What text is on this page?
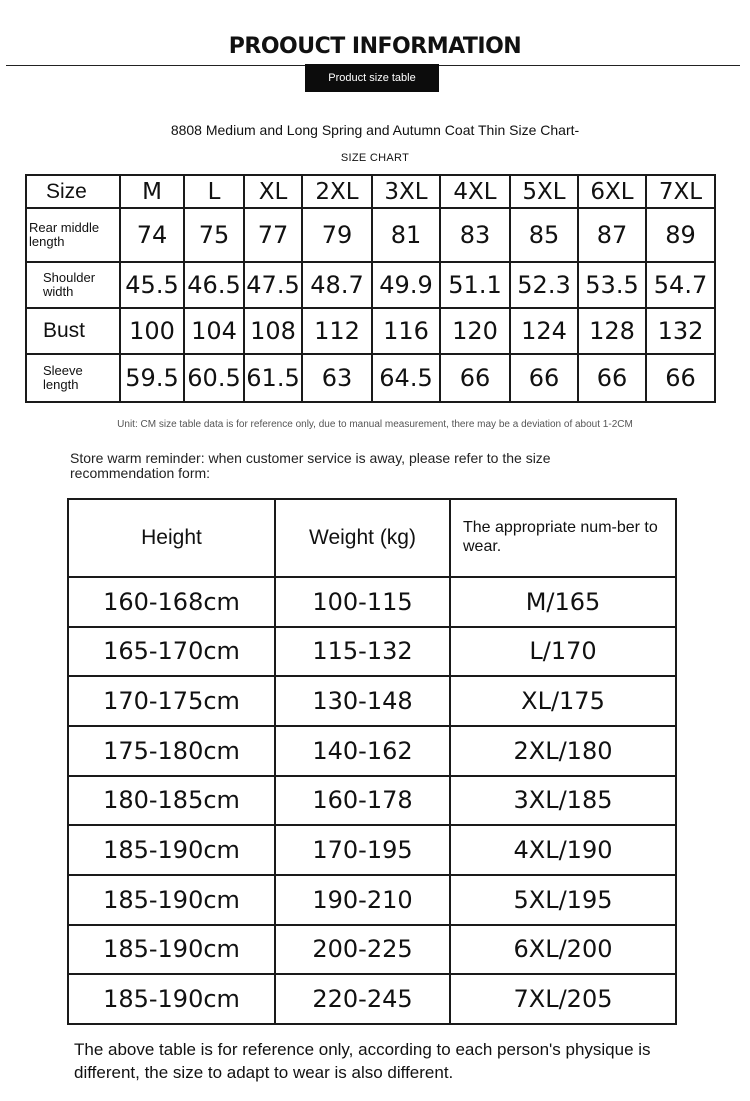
PROOUCT INFORMATION
Product size table
8808 Medium and Long Spring and Autumn Coat Thin Size Chart-
SIZE CHART
Size	M	L	XL	2XL	3XL	4XL	5XL	6XL	7XL
Rear middle length	74	75	77	79	81	83	85	87	89
Shoulder width	45.5	46.5	47.5	48.7	49.9	51.1	52.3	53.5	54.7
Bust	100	104	108	112	116	120	124	128	132
Sleeve length	59.5	60.5	61.5	63	64.5	66	66	66	66
Unit: CM size table data is for reference only, due to manual measurement, there may be a deviation of about 1-2CM
Store warm reminder: when customer service is away, please refer to the size recommendation form:
Height	Weight (kg)	The appropriate num-ber to wear.
160-168cm	100-115	M/165
165-170cm	115-132	L/170
170-175cm	130-148	XL/175
175-180cm	140-162	2XL/180
180-185cm	160-178	3XL/185
185-190cm	170-195	4XL/190
185-190cm	190-210	5XL/195
185-190cm	200-225	6XL/200
185-190cm	220-245	7XL/205
The above table is for reference only, according to each person's physique is different, the size to adapt to wear is also different.
